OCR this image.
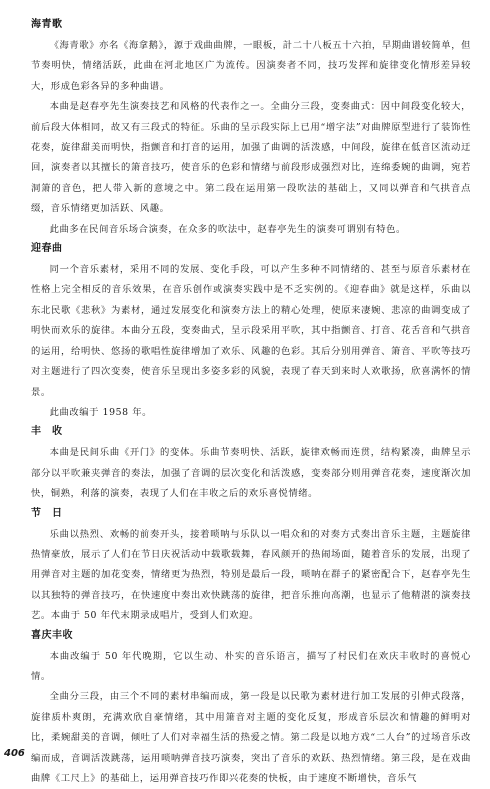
海青歌

《海青歌》亦名《海拿鹅》，源于戏曲曲牌，一眼板，計二十八板五十六拍，早期曲谱较简单，但节奏明快，情绪活跃，此曲在河北地区广为流传。因演奏者不同，技巧发挥和旋律变化情形差异较大，形成色彩各异的多种曲谱。

本曲是赵春亭先生演奏技艺和风格的代表作之一。全曲分三段，变奏曲式：因中间段变化较大，前后段大体相同，故又有三段式的特征。乐曲的呈示段实际上已用“增字法”对曲牌原型进行了装饰性花奏，旋律甜美而明快，指颤音和打音的运用，加强了曲调的活泼感，中间段，旋律在低音区流动迂回，演奏者以其擅长的箫音技巧，使音乐的色彩和情绪与前段形成强烈对比，连绵委婉的曲调，宛若洞箫的音色，把人带入新的意境之中。第二段在运用第一段吹法的基础上，又同以弹音和气拱音点缀，音乐情绪更加活跃、风趣。

此曲多在民间音乐场合演奏，在众多的吹法中，赵春亭先生的演奏可谓别有特色。

迎春曲

同一个音乐素材，采用不同的发展、变化手段，可以产生多种不同情绪的、甚至与原音乐素材在性格上完全相反的音乐效果，在音乐创作或演奏实践中是不乏实例的。《迎春曲》就是这样，乐曲以东北民歌《悲秋》为素材，通过发展变化和演奏方法上的精心处理，使原来凄婉、悲凉的曲调变成了明快而欢乐的旋律。本曲分五段，变奏曲式，呈示段采用平吹，其中指颤音、打音、花舌音和气拱音的运用，给明快、悠扬的歌唱性旋律增加了欢乐、风趣的色彩。其后分别用弹音、箫音、平吹等技巧对主题进行了四次变奏，使音乐呈现出多姿多彩的风貌，表现了春天到来时人欢歌扬，欣喜满怀的情景。

此曲改编于 1958 年。

丰　收

本曲是民间乐曲《开门》的变体。乐曲节奏明快、活跃，旋律欢畅而连贯，结构紧凑，曲牌呈示部分以平吹兼夹弹音的奏法，加强了音调的层次变化和活泼感，变奏部分则用弹音花奏，速度渐次加快，铜熟，利落的演奏，表现了人们在丰收之后的欢乐喜悦情绪。

节　日

乐曲以热烈、欢畅的前奏开头，接着唢呐与乐队以一唱众和的对奏方式奏出音乐主题，主题旋律热情豪放，展示了人们在节日庆祝活动中载歌载舞，春风颜开的热闹场面，随着音乐的发展，出现了用弹音对主题的加花变奏，情绪更为热烈，特别是最后一段，唢呐在群子的紧密配合下，赵春亭先生以其独特的弹音技巧，在快速度中奏出欢快跳荡的旋律，把音乐推向高潮，也显示了他精湛的演奏技艺。本曲于 50 年代末期录成唱片，受到人们欢迎。

喜庆丰收

本曲改编于 50 年代晚期，它以生动、朴实的音乐语言，描写了村民们在欢庆丰收时的喜悦心情。

全曲分三段，由三个不同的素材串编而成，第一段是以民歌为素材进行加工发展的引伸式段落，旋律质朴爽朗，充满欢欣自豪情绪，其中用箫音对主题的变化反复，形成音乐层次和情趣的鲜明对比，柔婉甜美的音调，倾吐了人们对幸福生活的热爱之情。第二段是以地方戏“二人台”的过场音乐改编而成，音调活泼跳荡，运用唢呐弹音技巧演奏，突出了音乐的欢跃、热烈情绪。第三段，是在戏曲曲牌《工尺上》的基础上，运用弹音技巧作即兴花奏的快板，由于速度不断增快，音乐气

406
